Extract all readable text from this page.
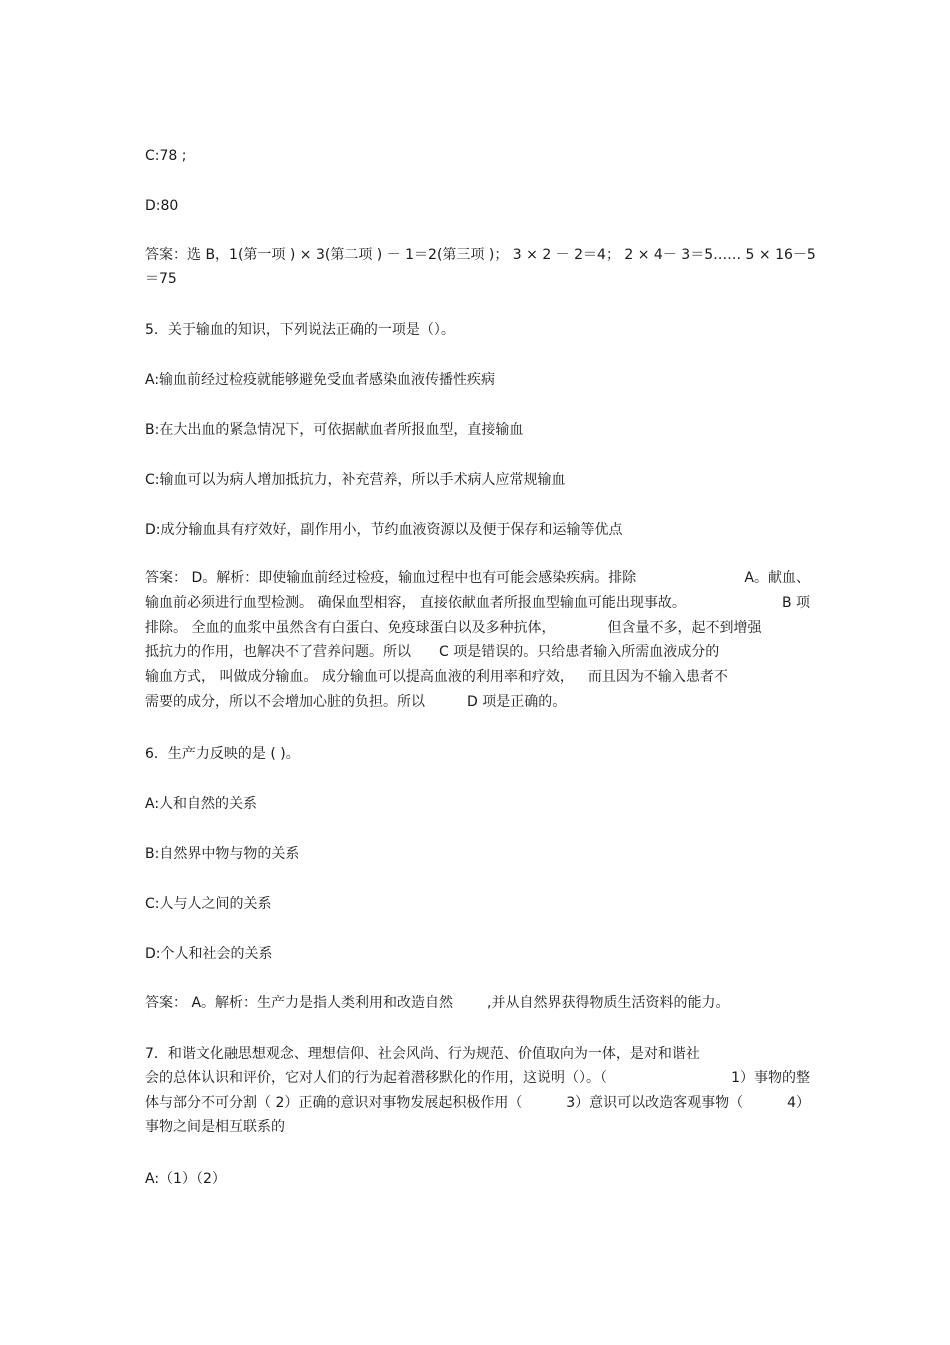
C:78 ;
D:80
答案：选 B，1(第一项 ) × 3(第二项 ) － 1＝2(第三项 )； 3 × 2 － 2＝4； 2 × 4－ 3＝5…… 5 × 16－5
＝75
5．关于输血的知识，下列说法正确的一项是（）。
A:输血前经过检疫就能够避免受血者感染血液传播性疾病
B:在大出血的紧急情况下，可依据献血者所报血型，直接输血
C:输血可以为病人增加抵抗力，补充营养，所以手术病人应常规输血
D:成分输血具有疗效好，副作用小，节约血液资源以及便于保存和运输等优点
答案： D。解析：即使输血前经过检疫，输血过程中也有可能会感染疾病。排除	A。献血、
输血前必须进行血型检测。 确保血型相容， 直接依献血者所报血型输血可能出现事故。	B 项
排除。 全血的血浆中虽然含有白蛋白、免疫球蛋白以及多种抗体，	但含量不多，起不到增强
抵抗力的作用，也解决不了营养问题。所以 C 项是错误的。只给患者输入所需血液成分的
输血方式， 叫做成分输血。 成分输血可以提高血液的利用率和疗效， 而且因为不输入患者不
需要的成分，所以不会增加心脏的负担。所以	D 项是正确的。
6．生产力反映的是 ( )。
A:人和自然的关系
B:自然界中物与物的关系
C:人与人之间的关系
D:个人和社会的关系
答案： A。解析：生产力是指人类利用和改造自然 ,并从自然界获得物质生活资料的能力。
7．和谐文化融思想观念、理想信仰、社会风尚、行为规范、价值取向为一体，是对和谐社
会的总体认识和评价，它对人们的行为起着潜移默化的作用，这说明（）。（	1）事物的整
体与部分不可分割（ 2）正确的意识对事物发展起积极作用（	3）意识可以改造客观事物（	4）
事物之间是相互联系的
A:（1）（2）
